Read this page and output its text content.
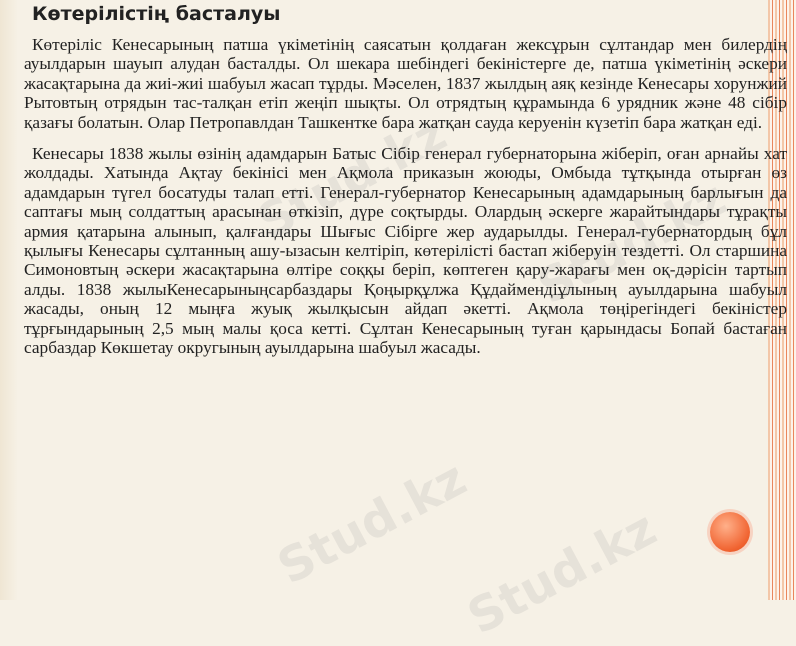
Stud.kz Stud.kz
Stud.kz
Stud.kz
Көтерілістің басталуы

Көтеріліс Кенесарының патша үкіметінің саясатын қолдаған жексұрын сұлтандар мен билердің ауылдарын шауып алудан басталды. Ол шекара шебіндегі бекіністерге де, патша үкіметінің әскери жасақтарына да жиі-жиі шабуыл жасап тұрды. Мәселен, 1837 жылдың аяқ кезінде Кенесары хорунжий Рытовтың отрядын тас-талқан етіп жеңіп шықты. Ол отрядтың құрамында 6 урядник және 48 сібір қазағы болатын. Олар Петропавлдан Ташкентке бара жатқан сауда керуенін күзетіп бара жатқан еді.

Кенесары 1838 жылы өзінің адамдарын Батыс Сібір генерал губернаторына жіберіп, оған арнайы хат жолдады. Хатында Ақтау бекінісі мен Ақмола приказын жоюды, Омбыда тұтқында отырған өз адамдарын түгел босатуды талап етті. Генерал-губернатор Кенесарының адамдарының барлығын да саптағы мың солдаттың арасынан өткізіп, дүре соқтырды. Олардың әскерге жарайтындары тұрақты армия қатарына алынып, қалғандары Шығыс Сібірге жер аударылды. Генерал-губернатордың бұл қылығы Кенесары сұлтанның ашу-ызасын келтіріп, көтерілісті бастап жіберуін тездетті. Ол старшина Симоновтың әскери жасақтарына өлтіре соққы беріп, көптеген қару-жарағы мен оқ-дәрісін тартып алды. 1838 жылыКенесарыныңсарбаздары Қоңырқұлжа Құдаймендіұлының ауылдарына шабуыл жасады, оның 12 мыңға жуық жылқысын айдап әкетті. Ақмола төңірегіндегі бекіністер тұрғындарының 2,5 мың малы қоса кетті. Сұлтан Кенесарының туған қарындасы Бопай бастаған сарбаздар Көкшетау округының ауылдарына шабуыл жасады.
